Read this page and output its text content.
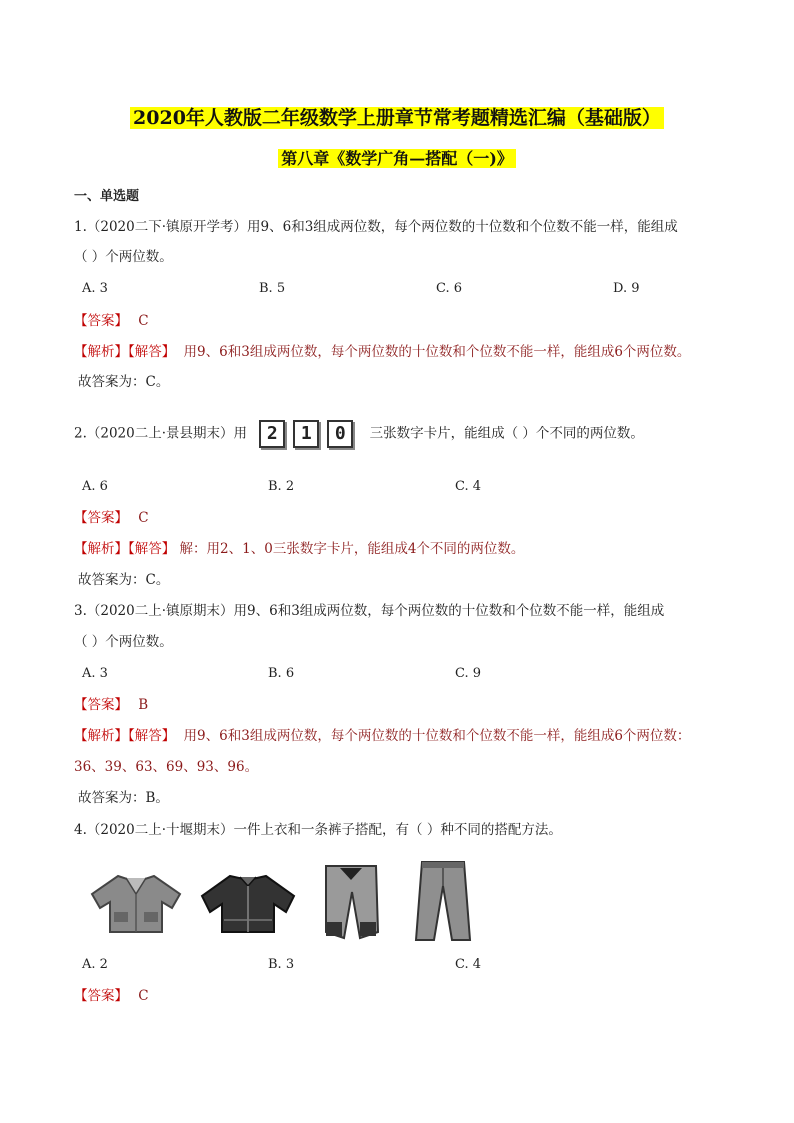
2020年人教版二年级数学上册章节常考题精选汇编（基础版）
第八章《数学广角—搭配（一)》
一、单选题
1.（2020二下·镇原开学考）用9、6和3组成两位数，每个两位数的十位数和个位数不能一样，能组成
（ ）个两位数。
A. 3	B. 5	C. 6	D. 9
【答案】 C
【解析】【解答】 用9、6和3组成两位数，每个两位数的十位数和个位数不能一样，能组成6个两位数。
故答案为：C。
2.（2020二上·景县期末）用 2 1 0 三张数字卡片，能组成（ ）个不同的两位数。
A. 6	B. 2	C. 4
【答案】 C
【解析】【解答】 解：用2、1、0三张数字卡片，能组成4个不同的两位数。
故答案为：C。
3.（2020二上·镇原期末）用9、6和3组成两位数，每个两位数的十位数和个位数不能一样，能组成
（ ）个两位数。
A. 3	B. 6	C. 9
【答案】 B
【解析】【解答】 用9、6和3组成两位数，每个两位数的十位数和个位数不能一样，能组成6个两位数：
36、39、63、69、93、96。
故答案为：B。
4.（2020二上·十堰期末）一件上衣和一条裤子搭配，有（ ）种不同的搭配方法。
A. 2	B. 3	C. 4
【答案】 C
